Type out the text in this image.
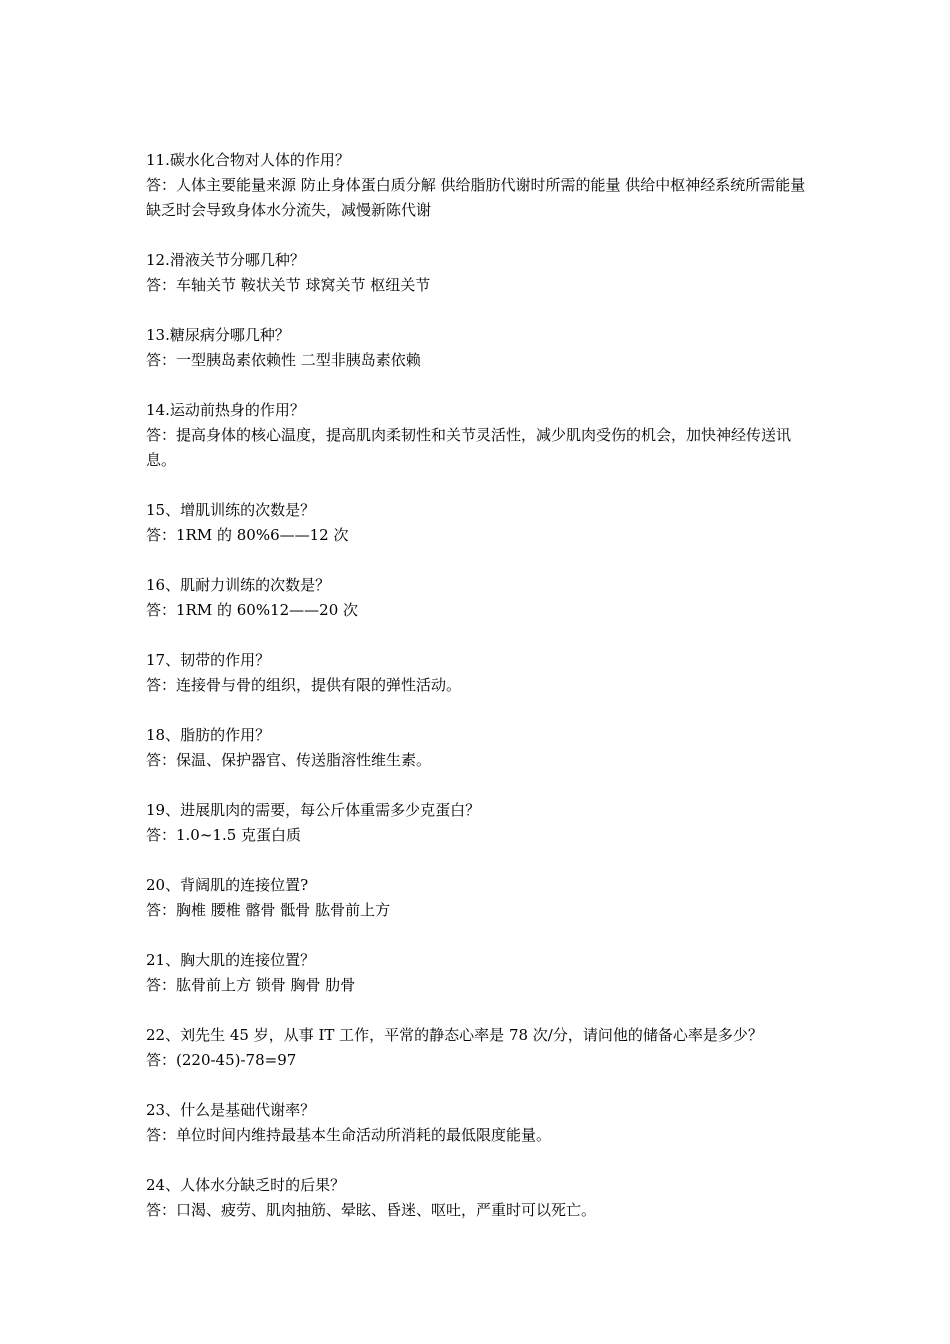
11.碳水化合物对人体的作用？

答：人体主要能量来源 防止身体蛋白质分解 供给脂肪代谢时所需的能量 供给中枢神经系统所需能量 缺乏时会导致身体水分流失，减慢新陈代谢

12.滑液关节分哪几种？

答：车轴关节 鞍状关节 球窝关节 枢纽关节

13.糖尿病分哪几种？

答：一型胰岛素依赖性 二型非胰岛素依赖

14.运动前热身的作用？

答：提高身体的核心温度，提高肌肉柔韧性和关节灵活性，减少肌肉受伤的机会，加快神经传送讯息。

15、增肌训练的次数是？

答：1RM 的 80%6——12 次

16、肌耐力训练的次数是？

答：1RM 的 60%12——20 次

17、韧带的作用？

答：连接骨与骨的组织，提供有限的弹性活动。

18、脂肪的作用？

答：保温、保护器官、传送脂溶性维生素。

19、进展肌肉的需要，每公斤体重需多少克蛋白？

答：1.0~1.5 克蛋白质

20、背阔肌的连接位置?

答：胸椎 腰椎 髂骨 骶骨 肱骨前上方

21、胸大肌的连接位置？

答：肱骨前上方 锁骨 胸骨 肋骨

22、刘先生 45 岁，从事 IT 工作，平常的静态心率是 78 次/分，请问他的储备心率是多少？

答：(220-45)-78=97

23、什么是基础代谢率？

答：单位时间内维持最基本生命活动所消耗的最低限度能量。

24、人体水分缺乏时的后果？

答：口渴、疲劳、肌肉抽筋、晕眩、昏迷、呕吐，严重时可以死亡。
